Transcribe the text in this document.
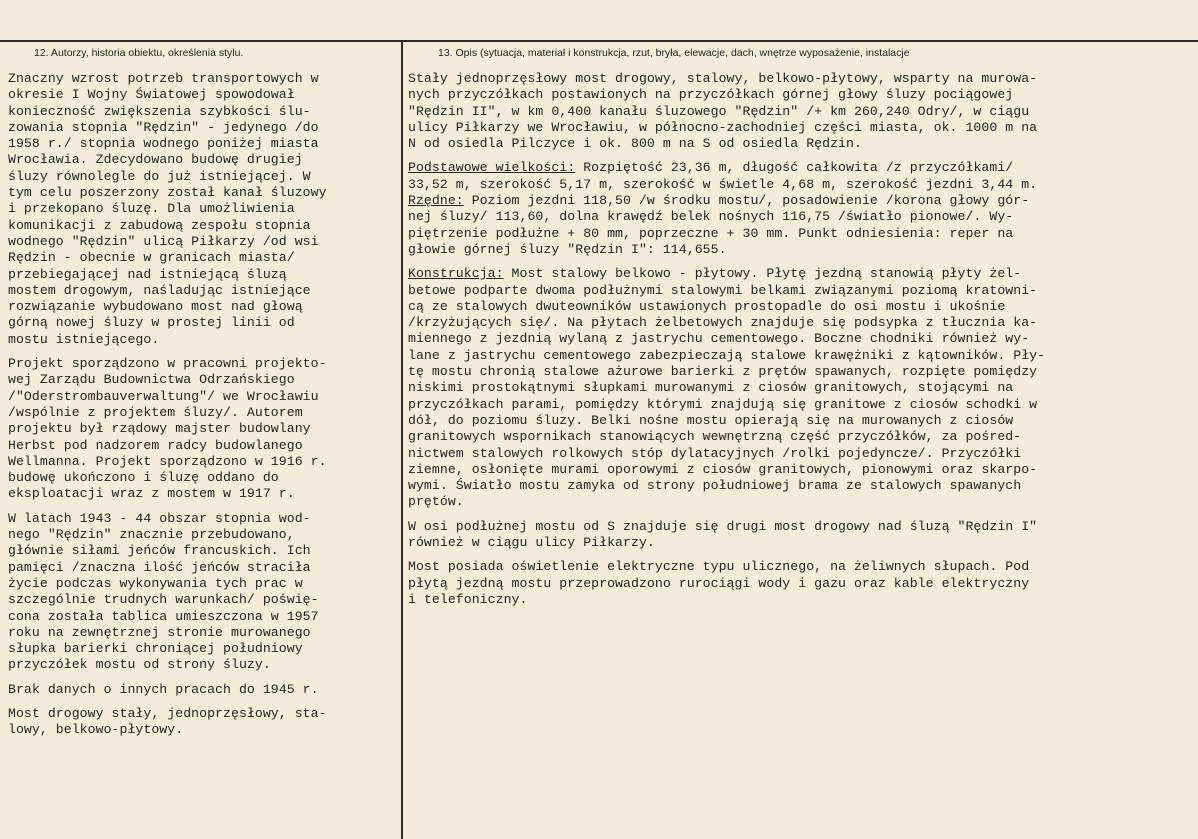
12. Autorzy, historia obiektu, określenia stylu.	13. Opis (sytuacja, materiał i konstrukcja, rzut, bryła, elewacje, dach, wnętrze wyposażenie, instalacje
Znaczny wzrost potrzeb transportowych w
okresie I Wojny Światowej spowodował
konieczność zwiększenia szybkości ślu-
zowania stopnia "Rędzin" - jedynego /do
1958 r./ stopnia wodnego poniżej miasta
Wrocławia. Zdecydowano budowę drugiej
śluzy równolegle do już istniejącej. W
tym celu poszerzony został kanał śluzowy
i przekopano śluzę. Dla umożliwienia
komunikacji z zabudową zespołu stopnia
wodnego "Rędzin" ulicą Piłkarzy /od wsi
Rędzin - obecnie w granicach miasta/
przebiegającej nad istniejącą śluzą
mostem drogowym, naśladując istniejące
rozwiązanie wybudowano most nad głową
górną nowej śluzy w prostej linii od
mostu istniejącego.
Projekt sporządzono w pracowni projekto-
wej Zarządu Budownictwa Odrzańskiego
/"Oderstrombauverwaltung"/ we Wrocławiu
/wspólnie z projektem śluzy/. Autorem
projektu był rządowy majster budowlany
Herbst pod nadzorem radcy budowlanego
Wellmanna. Projekt sporządzono w 1916 r.
budowę ukończono i śluzę oddano do
eksploatacji wraz z mostem w 1917 r.
W latach 1943 - 44 obszar stopnia wod-
nego "Rędzin" znacznie przebudowano,
głównie siłami jeńców francuskich. Ich
pamięci /znaczna ilość jeńców straciła
życie podczas wykonywania tych prac w
szczególnie trudnych warunkach/ poświę-
cona została tablica umieszczona w 1957
roku na zewnętrznej stronie murowanego
słupka barierki chroniącej południowy
przyczółek mostu od strony śluzy.
Brak danych o innych pracach do 1945 r.
Most drogowy stały, jednoprzęsłowy, sta-
lowy, belkowo-płytowy.
Stały jednoprzęsłowy most drogowy, stalowy, belkowo-płytowy, wsparty na murowa-
nych przyczółkach postawionych na przyczółkach górnej głowy śluzy pociągowej
"Rędzin II", w km 0,400 kanału śluzowego "Rędzin" /+ km 260,240 Odry/, w ciągu
ulicy Piłkarzy we Wrocławiu, w północno-zachodniej części miasta, ok. 1000 m na
N od osiedla Pilczyce i ok. 800 m na S od osiedla Rędzin.
Podstawowe wielkości: Rozpiętość 23,36 m, długość całkowita /z przyczółkami/
33,52 m, szerokość 5,17 m, szerokość w świetle 4,68 m, szerokość jezdni 3,44 m.
Rzędne: Poziom jezdni 118,50 /w środku mostu/, posadowienie /korona głowy gór-
nej śluzy/ 113,60, dolna krawędź belek nośnych 116,75 /światło pionowe/. Wy-
piętrzenie podłużne + 80 mm, poprzeczne + 30 mm. Punkt odniesienia: reper na
głowie górnej śluzy "Rędzin I": 114,655.
Konstrukcja: Most stalowy belkowo - płytowy. Płytę jezdną stanowią płyty żel-
betowe podparte dwoma podłużnymi stalowymi belkami związanymi poziomą kratowni-
cą ze stalowych dwuteowników ustawionych prostopadle do osi mostu i ukośnie
/krzyżujących się/. Na płytach żelbetowych znajduje się podsypka z tłucznia ka-
miennego z jezdnią wylaną z jastrychu cementowego. Boczne chodniki również wy-
lane z jastrychu cementowego zabezpieczają stalowe krawężniki z kątowników. Pły-
tę mostu chronią stalowe ażurowe barierki z prętów spawanych, rozpięte pomiędzy
niskimi prostokątnymi słupkami murowanymi z ciosów granitowych, stojącymi na
przyczółkach parami, pomiędzy którymi znajdują się granitowe z ciosów schodki w
dół, do poziomu śluzy. Belki nośne mostu opierają się na murowanych z ciosów
granitowych wspornikach stanowiących wewnętrzną część przyczółków, za pośred-
nictwem stalowych rolkowych stóp dylatacyjnych /rolki pojedyncze/. Przyczółki
ziemne, osłonięte murami oporowymi z ciosów granitowych, pionowymi oraz skarpo-
wymi. Światło mostu zamyka od strony południowej brama ze stalowych spawanych
prętów.
W osi podłużnej mostu od S znajduje się drugi most drogowy nad śluzą "Rędzin I"
również w ciągu ulicy Piłkarzy.
Most posiada oświetlenie elektryczne typu ulicznego, na żeliwnych słupach. Pod
płytą jezdną mostu przeprowadzono rurociągi wody i gazu oraz kable elektryczny
i telefoniczny.
